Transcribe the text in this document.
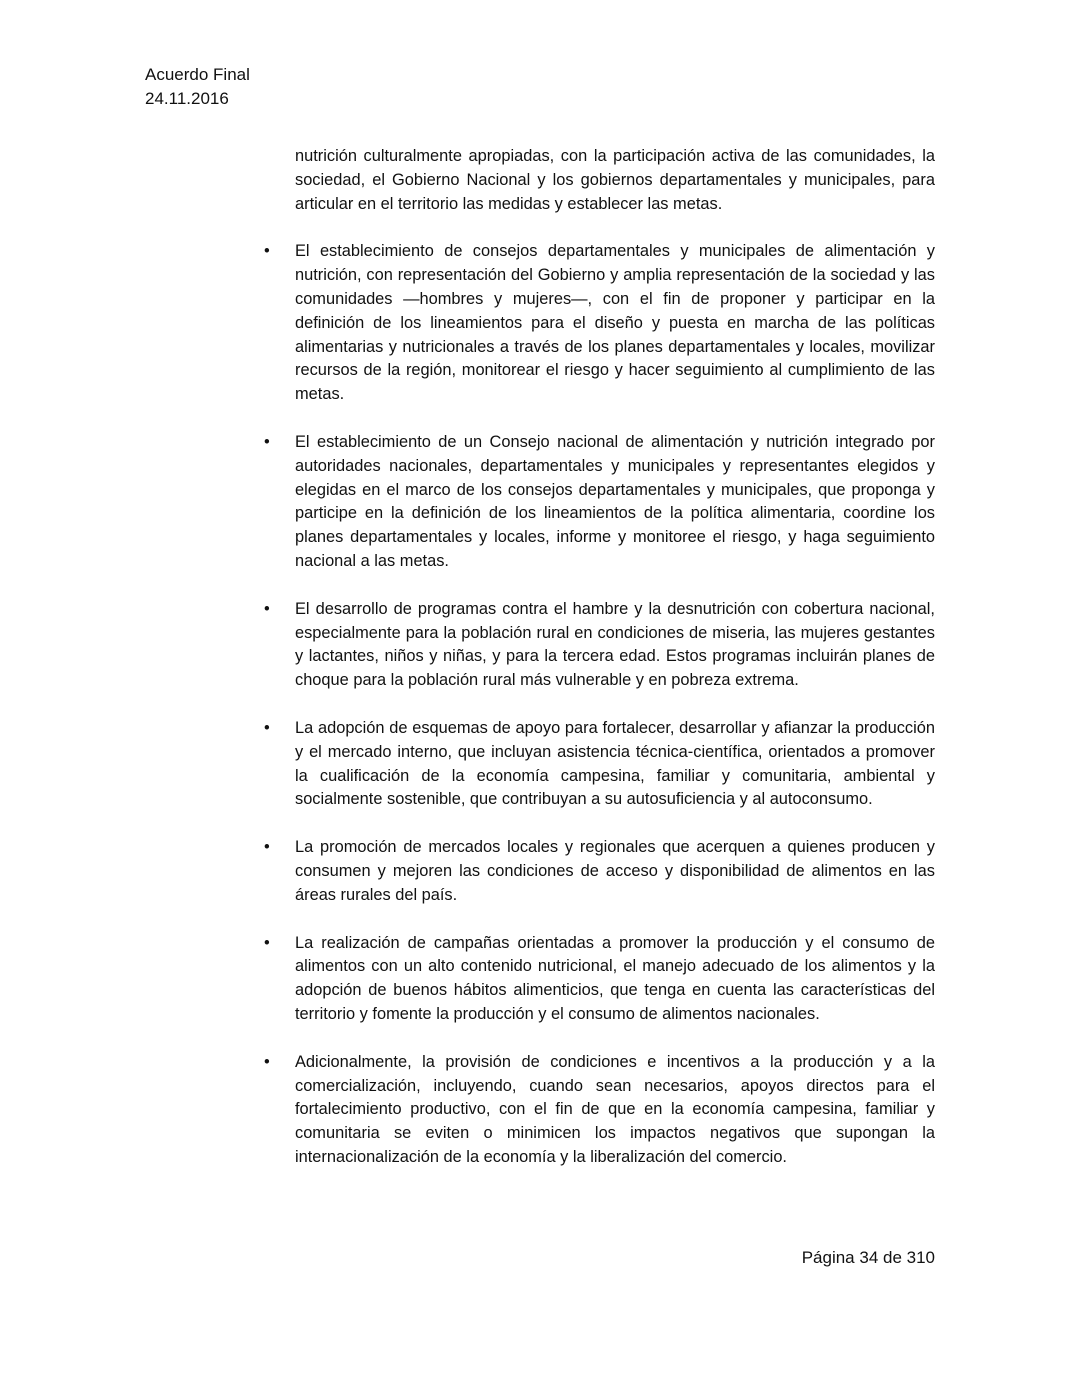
Acuerdo Final
24.11.2016

nutrición culturalmente apropiadas, con la participación activa de las comunidades, la sociedad, el Gobierno Nacional y los gobiernos departamentales y municipales, para articular en el territorio las medidas y establecer las metas.

• El establecimiento de consejos departamentales y municipales de alimentación y nutrición, con representación del Gobierno y amplia representación de la sociedad y las comunidades —hombres y mujeres—, con el fin de proponer y participar en la definición de los lineamientos para el diseño y puesta en marcha de las políticas alimentarias y nutricionales a través de los planes departamentales y locales, movilizar recursos de la región, monitorear el riesgo y hacer seguimiento al cumplimiento de las metas.
• El establecimiento de un Consejo nacional de alimentación y nutrición integrado por autoridades nacionales, departamentales y municipales y representantes elegidos y elegidas en el marco de los consejos departamentales y municipales, que proponga y participe en la definición de los lineamientos de la política alimentaria, coordine los planes departamentales y locales, informe y monitoree el riesgo, y haga seguimiento nacional a las metas.
• El desarrollo de programas contra el hambre y la desnutrición con cobertura nacional, especialmente para la población rural en condiciones de miseria, las mujeres gestantes y lactantes, niños y niñas, y para la tercera edad. Estos programas incluirán planes de choque para la población rural más vulnerable y en pobreza extrema.
• La adopción de esquemas de apoyo para fortalecer, desarrollar y afianzar la producción y el mercado interno, que incluyan asistencia técnica-científica, orientados a promover la cualificación de la economía campesina, familiar y comunitaria, ambiental y socialmente sostenible, que contribuyan a su autosuficiencia y al autoconsumo.
• La promoción de mercados locales y regionales que acerquen a quienes producen y consumen y mejoren las condiciones de acceso y disponibilidad de alimentos en las áreas rurales del país.
• La realización de campañas orientadas a promover la producción y el consumo de alimentos con un alto contenido nutricional, el manejo adecuado de los alimentos y la adopción de buenos hábitos alimenticios, que tenga en cuenta las características del territorio y fomente la producción y el consumo de alimentos nacionales.
• Adicionalmente, la provisión de condiciones e incentivos a la producción y a la comercialización, incluyendo, cuando sean necesarios, apoyos directos para el fortalecimiento productivo, con el fin de que en la economía campesina, familiar y comunitaria se eviten o minimicen los impactos negativos que supongan la internacionalización de la economía y la liberalización del comercio.
Página 34 de 310
